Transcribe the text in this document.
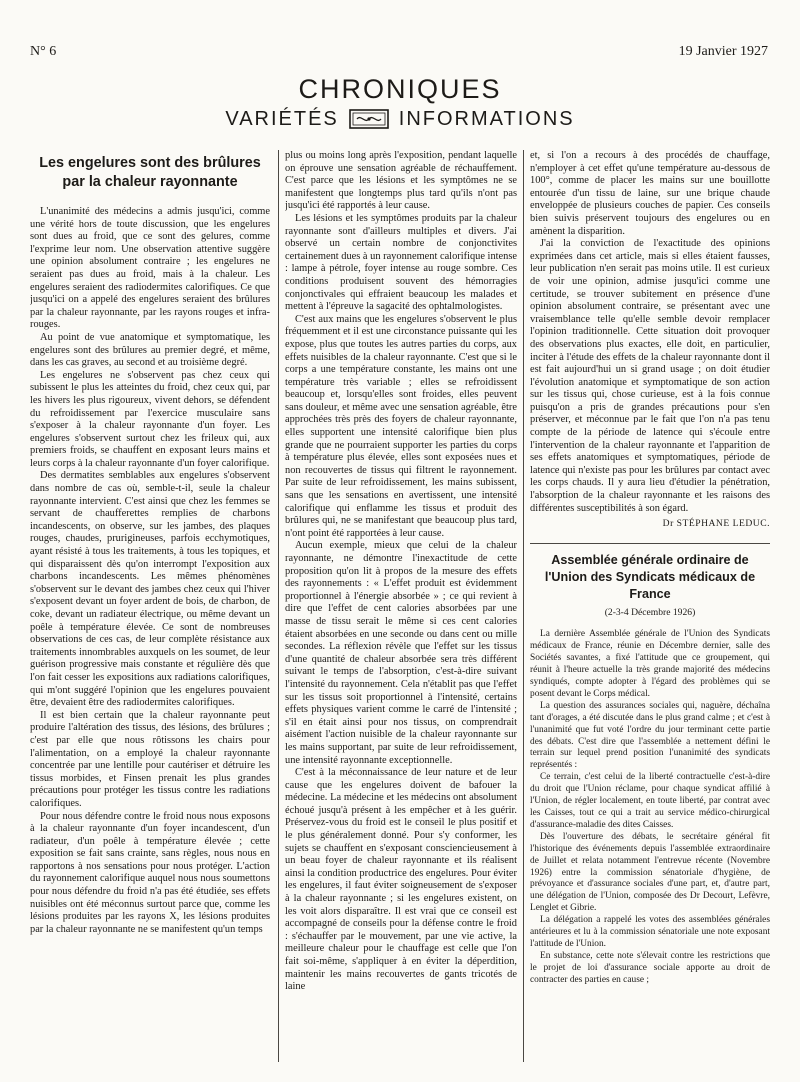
N° 6	19 Janvier 1927
CHRONIQUES
VARIÉTÉS	INFORMATIONS
Les engelures sont des brûlures par la chaleur rayonnante

L'unanimité des médecins a admis jusqu'ici, comme une vérité hors de toute discussion, que les engelures sont dues au froid, que ce sont des gelures, comme l'exprime leur nom. Une observation attentive suggère une opinion absolument contraire ; les engelures ne seraient pas dues au froid, mais à la chaleur. Les engelures seraient des radiodermites calorifiques. Ce que jusqu'ici on a appelé des engelures seraient des brûlures par la chaleur rayonnante, par les rayons rouges et infra-rouges.

Au point de vue anatomique et symptomatique, les engelures sont des brûlures au premier degré, et même, dans les cas graves, au second et au troisième degré.

Les engelures ne s'observent pas chez ceux qui subissent le plus les atteintes du froid, chez ceux qui, par les hivers les plus rigoureux, vivent dehors, se défendent du refroidissement par l'exercice musculaire sans s'exposer à la chaleur rayonnante d'un foyer. Les engelures s'observent surtout chez les frileux qui, aux premiers froids, se chauffent en exposant leurs mains et leurs corps à la chaleur rayonnante d'un foyer calorifique.

Des dermatites semblables aux engelures s'observent dans nombre de cas où, semble-t-il, seule la chaleur rayonnante intervient. C'est ainsi que chez les femmes se servant de chaufferettes remplies de charbons incandescents, on observe, sur les jambes, des plaques rouges, chaudes, prurigineuses, parfois ecchymotiques, ayant résisté à tous les traitements, à tous les topiques, et qui disparaissent dès qu'on interrompt l'exposition aux charbons incandescents. Les mêmes phénomènes s'observent sur le devant des jambes chez ceux qui l'hiver s'exposent devant un foyer ardent de bois, de charbon, de coke, devant un radiateur électrique, ou même devant un poêle à température élevée. Ce sont de nombreuses observations de ces cas, de leur complète résistance aux traitements innombrables auxquels on les soumet, de leur guérison progressive mais constante et régulière dès que l'on fait cesser les expositions aux radiations calorifiques, qui m'ont suggéré l'opinion que les engelures pouvaient être, devaient être des radiodermites calorifiques.

Il est bien certain que la chaleur rayonnante peut produire l'altération des tissus, des lésions, des brûlures ; c'est par elle que nous rôtissons les chairs pour l'alimentation, on a employé la chaleur rayonnante concentrée par une lentille pour cautériser et détruire les tissus morbides, et Finsen prenait les plus grandes précautions pour protéger les tissus contre les radiations calorifiques.

Pour nous défendre contre le froid nous nous exposons à la chaleur rayonnante d'un foyer incandescent, d'un radiateur, d'un poêle à température élevée ; cette exposition se fait sans crainte, sans règles, nous nous en rapportons à nos sensations pour nous protéger. L'action du rayonnement calorifique auquel nous nous soumettons pour nous défendre du froid n'a pas été étudiée, ses effets nuisibles ont été méconnus surtout parce que, comme les lésions produites par les rayons X, les lésions produites par la chaleur rayonnante ne se manifestent qu'un temps

plus ou moins long après l'exposition, pendant laquelle on éprouve une sensation agréable de réchauffement. C'est parce que les lésions et les symptômes ne se manifestent que longtemps plus tard qu'ils n'ont pas jusqu'ici été rapportés à leur cause.

Les lésions et les symptômes produits par la chaleur rayonnante sont d'ailleurs multiples et divers. J'ai observé un certain nombre de conjonctivites certainement dues à un rayonnement calorifique intense : lampe à pétrole, foyer intense au rouge sombre. Ces conditions produisent souvent des hémorragies conjonctivales qui effraient beaucoup les malades et mettent à l'épreuve la sagacité des ophtalmologistes.

C'est aux mains que les engelures s'observent le plus fréquemment et il est une circonstance puissante qui les expose, plus que toutes les autres parties du corps, aux effets nuisibles de la chaleur rayonnante. C'est que si le corps a une température constante, les mains ont une température très variable ; elles se refroidissent beaucoup et, lorsqu'elles sont froides, elles peuvent sans douleur, et même avec une sensation agréable, être approchées très près des foyers de chaleur rayonnante, elles supportent une intensité calorifique bien plus grande que ne pourraient supporter les parties du corps à température plus élevée, elles sont exposées nues et non recouvertes de tissus qui filtrent le rayonnement. Par suite de leur refroidissement, les mains subissent, sans que les sensations en avertissent, une intensité calorifique qui enflamme les tissus et produit des brûlures qui, ne se manifestant que beaucoup plus tard, n'ont point été rapportées à leur cause.

Aucun exemple, mieux que celui de la chaleur rayonnante, ne démontre l'inexactitude de cette proposition qu'on lit à propos de la mesure des effets des rayonnements : « L'effet produit est évidemment proportionnel à l'énergie absorbée » ; ce qui revient à dire que l'effet de cent calories absorbées par une masse de tissu serait le même si ces cent calories étaient absorbées en une seconde ou dans cent ou mille secondes. La réflexion révèle que l'effet sur les tissus d'une quantité de chaleur absorbée sera très différent suivant le temps de l'absorption, c'est-à-dire suivant l'intensité du rayonnement. Cela n'établit pas que l'effet sur les tissus soit proportionnel à l'intensité, certains effets physiques varient comme le carré de l'intensité ; s'il en était ainsi pour nos tissus, on comprendrait aisément l'action nuisible de la chaleur rayonnante sur les mains supportant, par suite de leur refroidissement, une intensité rayonnante exceptionnelle.

C'est à la méconnaissance de leur nature et de leur cause que les engelures doivent de bafouer la médecine. La médecine et les médecins ont absolument échoué jusqu'à présent à les empêcher et à les guérir. Préservez-vous du froid est le conseil le plus positif et le plus généralement donné. Pour s'y conformer, les sujets se chauffent en s'exposant consciencieusement à un beau foyer de chaleur rayonnante et ils réalisent ainsi la condition productrice des engelures. Pour éviter les engelures, il faut éviter soigneusement de s'exposer à la chaleur rayonnante ; si les engelures existent, on les voit alors disparaître. Il est vrai que ce conseil est accompagné de conseils pour la défense contre le froid : s'échauffer par le mouvement, par une vie active, la meilleure chaleur pour le chauffage est celle que l'on fait soi-même, s'appliquer à en éviter la déperdition, maintenir les mains recouvertes de gants tricotés de laine

et, si l'on a recours à des procédés de chauffage, n'employer à cet effet qu'une température au-dessous de 100°, comme de placer les mains sur une bouillotte entourée d'un tissu de laine, sur une brique chaude enveloppée de plusieurs couches de papier. Ces conseils bien suivis préservent toujours des engelures ou en amènent la disparition.

J'ai la conviction de l'exactitude des opinions exprimées dans cet article, mais si elles étaient fausses, leur publication n'en serait pas moins utile. Il est curieux de voir une opinion, admise jusqu'ici comme une certitude, se trouver subitement en présence d'une opinion absolument contraire, se présentant avec une vraisemblance telle qu'elle semble devoir remplacer l'opinion traditionnelle. Cette situation doit provoquer des observations plus exactes, elle doit, en particulier, inciter à l'étude des effets de la chaleur rayonnante dont il est fait aujourd'hui un si grand usage ; on doit étudier l'évolution anatomique et symptomatique de son action sur les tissus qui, chose curieuse, est à la fois connue puisqu'on a pris de grandes précautions pour s'en préserver, et méconnue par le fait que l'on n'a pas tenu compte de la période de latence qui s'écoule entre l'intervention de la chaleur rayonnante et l'apparition de ses effets anatomiques et symptomatiques, période de latence qui n'existe pas pour les brûlures par contact avec les corps chauds. Il y aura lieu d'étudier la pénétration, l'absorption de la chaleur rayonnante et les raisons des différentes susceptibilités à son égard.

Dr STÉPHANE LEDUC.
Assemblée générale ordinaire de l'Union des Syndicats médicaux de France
(2-3-4 Décembre 1926)

La dernière Assemblée générale de l'Union des Syndicats médicaux de France, réunie en Décembre dernier, salle des Sociétés savantes, a fixé l'attitude que ce groupement, qui réunit à l'heure actuelle la très grande majorité des médecins syndiqués, compte adopter à l'égard des problèmes qui se posent devant le Corps médical.

La question des assurances sociales qui, naguère, déchaîna tant d'orages, a été discutée dans le plus grand calme ; et c'est à l'unanimité que fut voté l'ordre du jour terminant cette partie des débats. C'est dire que l'assemblée a nettement défini le terrain sur lequel prend position l'unanimité des syndicats représentés :

Ce terrain, c'est celui de la liberté contractuelle c'est-à-dire du droit que l'Union réclame, pour chaque syndicat affilié à l'Union, de régler localement, en toute liberté, par contrat avec les Caisses, tout ce qui a trait au service médico-chirurgical d'assurance-maladie des dites Caisses.

Dès l'ouverture des débats, le secrétaire général fit l'historique des événements depuis l'assemblée extraordinaire de Juillet et relata notamment l'entrevue récente (Novembre 1926) entre la commission sénatoriale d'hygiène, de prévoyance et d'assurance sociales d'une part, et, d'autre part, une délégation de l'Union, composée des Dr Decourt, Lefèvre, Lenglet et Gibrie.

La délégation a rappelé les votes des assemblées générales antérieures et lu à la commission sénatoriale une note exposant l'attitude de l'Union.

En substance, cette note s'élevait contre les restrictions que le projet de loi d'assurance sociale apporte au droit de contracter des parties en cause ;
